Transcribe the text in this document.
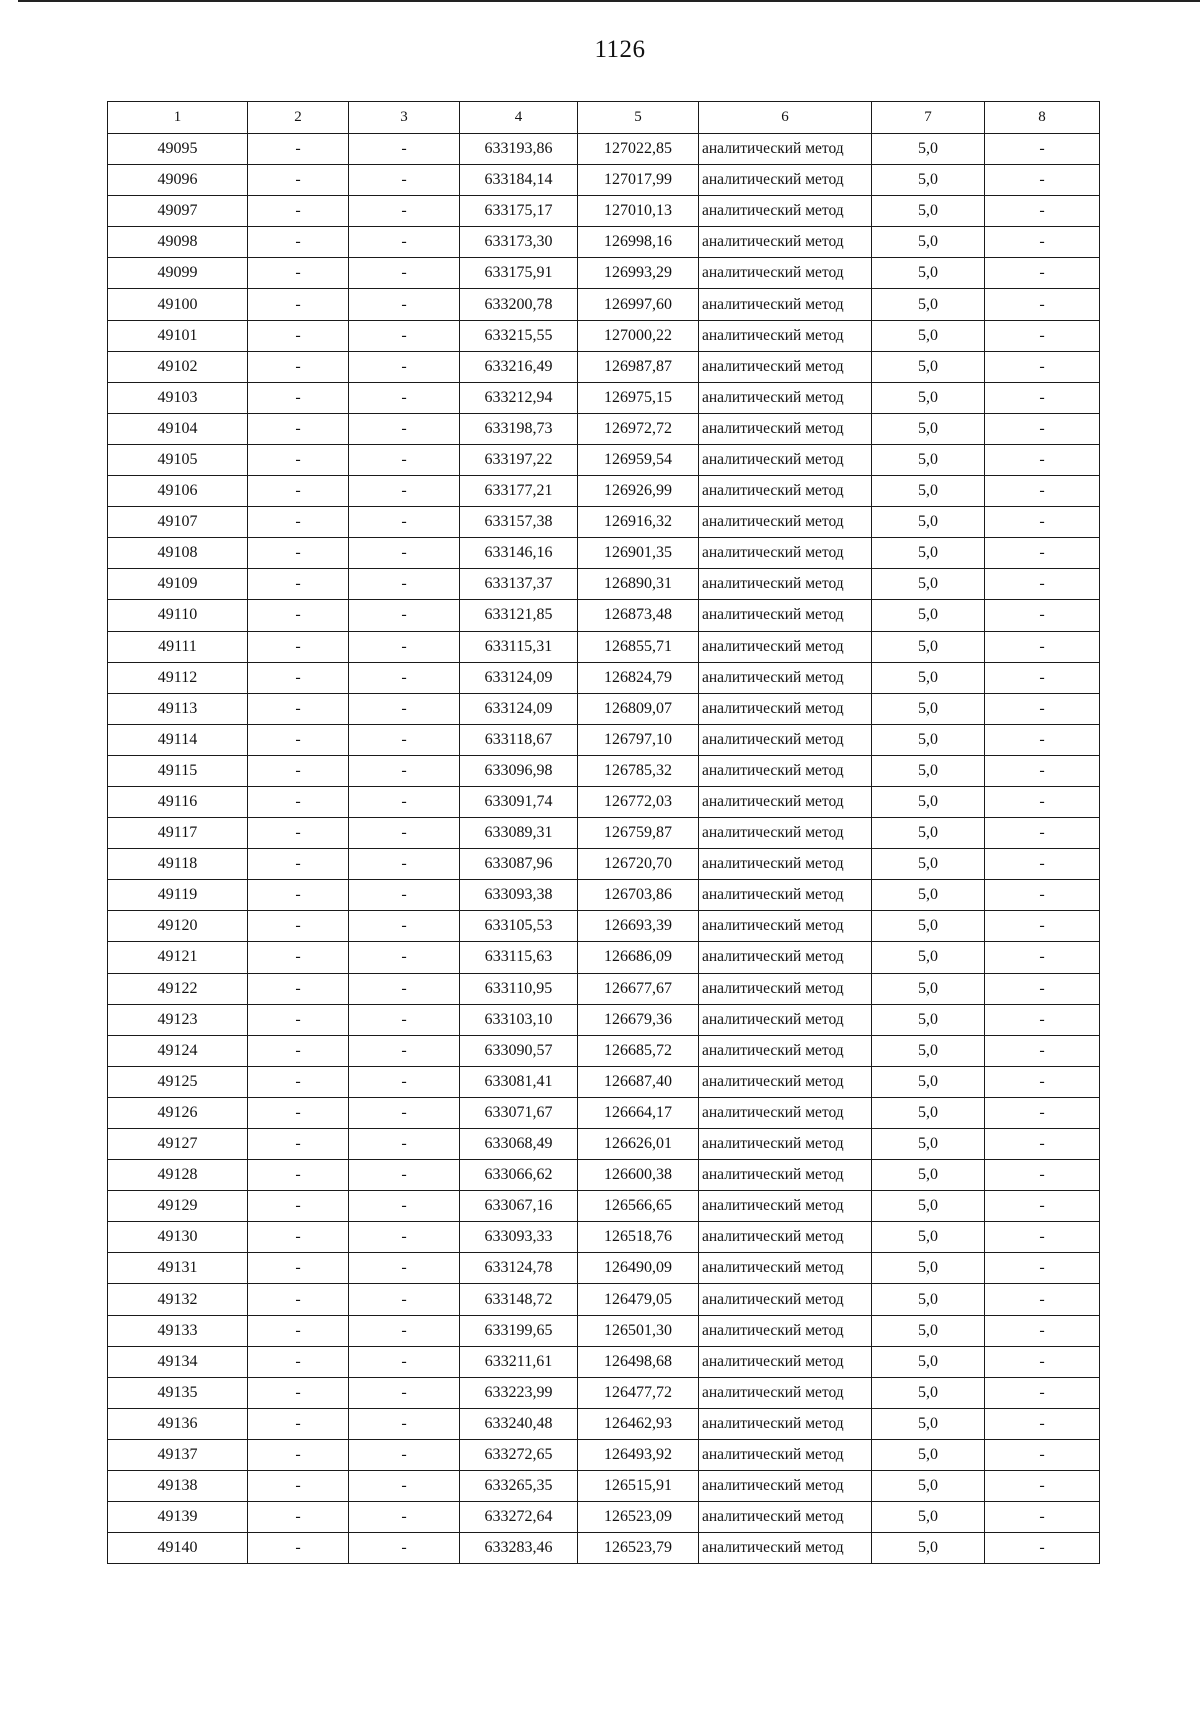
1126
1	2	3	4	5	6	7	8
49095	-	-	633193,86	127022,85	аналитический метод	5,0	-
49096	-	-	633184,14	127017,99	аналитический метод	5,0	-
49097	-	-	633175,17	127010,13	аналитический метод	5,0	-
49098	-	-	633173,30	126998,16	аналитический метод	5,0	-
49099	-	-	633175,91	126993,29	аналитический метод	5,0	-
49100	-	-	633200,78	126997,60	аналитический метод	5,0	-
49101	-	-	633215,55	127000,22	аналитический метод	5,0	-
49102	-	-	633216,49	126987,87	аналитический метод	5,0	-
49103	-	-	633212,94	126975,15	аналитический метод	5,0	-
49104	-	-	633198,73	126972,72	аналитический метод	5,0	-
49105	-	-	633197,22	126959,54	аналитический метод	5,0	-
49106	-	-	633177,21	126926,99	аналитический метод	5,0	-
49107	-	-	633157,38	126916,32	аналитический метод	5,0	-
49108	-	-	633146,16	126901,35	аналитический метод	5,0	-
49109	-	-	633137,37	126890,31	аналитический метод	5,0	-
49110	-	-	633121,85	126873,48	аналитический метод	5,0	-
49111	-	-	633115,31	126855,71	аналитический метод	5,0	-
49112	-	-	633124,09	126824,79	аналитический метод	5,0	-
49113	-	-	633124,09	126809,07	аналитический метод	5,0	-
49114	-	-	633118,67	126797,10	аналитический метод	5,0	-
49115	-	-	633096,98	126785,32	аналитический метод	5,0	-
49116	-	-	633091,74	126772,03	аналитический метод	5,0	-
49117	-	-	633089,31	126759,87	аналитический метод	5,0	-
49118	-	-	633087,96	126720,70	аналитический метод	5,0	-
49119	-	-	633093,38	126703,86	аналитический метод	5,0	-
49120	-	-	633105,53	126693,39	аналитический метод	5,0	-
49121	-	-	633115,63	126686,09	аналитический метод	5,0	-
49122	-	-	633110,95	126677,67	аналитический метод	5,0	-
49123	-	-	633103,10	126679,36	аналитический метод	5,0	-
49124	-	-	633090,57	126685,72	аналитический метод	5,0	-
49125	-	-	633081,41	126687,40	аналитический метод	5,0	-
49126	-	-	633071,67	126664,17	аналитический метод	5,0	-
49127	-	-	633068,49	126626,01	аналитический метод	5,0	-
49128	-	-	633066,62	126600,38	аналитический метод	5,0	-
49129	-	-	633067,16	126566,65	аналитический метод	5,0	-
49130	-	-	633093,33	126518,76	аналитический метод	5,0	-
49131	-	-	633124,78	126490,09	аналитический метод	5,0	-
49132	-	-	633148,72	126479,05	аналитический метод	5,0	-
49133	-	-	633199,65	126501,30	аналитический метод	5,0	-
49134	-	-	633211,61	126498,68	аналитический метод	5,0	-
49135	-	-	633223,99	126477,72	аналитический метод	5,0	-
49136	-	-	633240,48	126462,93	аналитический метод	5,0	-
49137	-	-	633272,65	126493,92	аналитический метод	5,0	-
49138	-	-	633265,35	126515,91	аналитический метод	5,0	-
49139	-	-	633272,64	126523,09	аналитический метод	5,0	-
49140	-	-	633283,46	126523,79	аналитический метод	5,0	-
